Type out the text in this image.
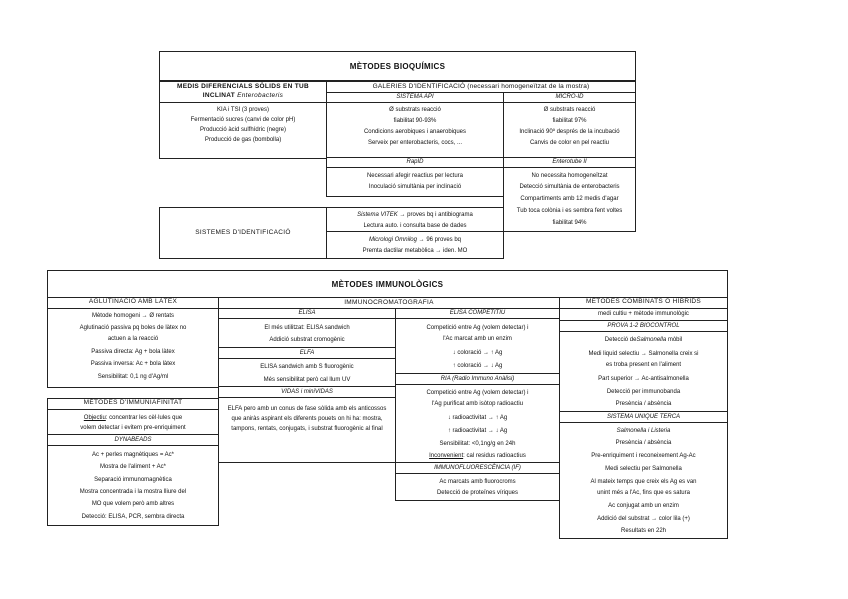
MÈTODES BIOQUÍMICS
MEDIS DIFERENCIALS SÒLIDS EN TUB
INCLINAT Enterobacteris
KIA i TSI (3 proves)
Fermentació sucres (canvi de color pH)
Producció àcid sulfhídric (negre)
Producció de gas (bombolla)
GALERIES D'IDENTIFICACIÓ (necessari homogeneïtzat de la mostra)
SISTEMA API
Ø substrats reacció
fiabilitat 90-93%
Condicions aerobiques i anaerobiques
Serveix per enterobacteris, cocs, ...
MICRO-ID
Ø substrats reacció
fiabilitat 97%
Inclinació 90º després de la incubació
Canvis de color en pel reactiu
RapID
Necessari afegir reactius per lectura
Inoculació simultània per inclinació
Enterotube II
No necessita homogeneïtzat
Detecció simultània de enterobacteris
Compartiments amb 12 medis d'agar
Tub toca colònia i es sembra fent voltes
fiabilitat 94%
SISTEMES D'IDENTIFICACIÓ
Sistema VITEK → proves bq i antibiograma
Lectura auto. i consulta base de dades
Micrologi Omnilog → 96 proves bq
Premta dactilar metabòlica → iden. MO
MÈTODES IMMUNOLÒGICS
AGLUTINACIÓ AMB LÀTEX
Mètode homogeni → Ø rentats
Aglutinació passiva pq boles de làtex no
actuen a la reacció
Passiva directa: Ag + bola làtex
Passiva inversa: Ac + bola làtex
Sensibilitat: 0,1 ng d'Ag/ml
IMMUNOCROMATOGRAFIA
ELISA
El més utilitzat: ELISA sandwich
Addició substrat cromogènic
ELFA
ELISA sandwich amb S fluorogènic
Més sensibilitat però cal llum UV
VIDAS i miniVIDAS
ELFA pero amb un conus de fase sòlida amb els anticossos que aniràs aspirant els diferents pouets on hi ha: mostra, tampons, rentats, conjugats, i substrat fluorogènic al final
ELISA COMPETITIU
Competició entre Ag (volem detectar) i
l'Ac marcat amb un enzim
↓ coloració → ↑ Ag
↑ coloració → ↓ Ag
RIA (Radio Immuno Anàlisi)
Competició entre Ag (volem detectar) i
l'Ag purificat amb isòtop radioactiu
↓ radioactivitat → ↑ Ag
↑ radioactivitat → ↓ Ag
Sensibilitat: <0,1ng/g en 24h
Inconvenient: cal residus radioactius
IMMUNOFLUORESCÈNCIA (IF)
Ac marcats amb fluorocroms
Detecció de proteïnes víriques
MÈTODES COMBINATS O HÍBRIDS
medi cultiu + mètode immunològic
PROVA 1-2 BIOCONTROL
Detecció deSalmonella mòbil
Medi liquid selectiu → Salmonella creix si
es troba present en l'aliment
Part superior → Ac-antisalmonella
Detecció per immunobanda
Presència / absència
SISTEMA UNIQUE TERCA
Salmonella i Listeria
Presència / absència
Pre-enriquiment i reconeixement Ag-Ac
Medi selectiu per Salmonella
Al mateix temps que creix els Ag es van
unint més a l'Ac, fins que es satura
Ac conjugat amb un enzim
Addició del substrat → color lila (+)
Resultats en 22h
MÈTODES D'IMMUNIAFINITAT
Objectiu: concentrar les cèl·lules que
volem detectar i evitem pre-enriquiment
DYNABEADS
Ac + perles magnètiques = Ac*
Mostra de l'aliment + Ac*
Separació immunomagnètica
Mostra concentrada i la mostra lliure del
MO que volem però amb altres
Detecció: ELISA, PCR, sembra directa
